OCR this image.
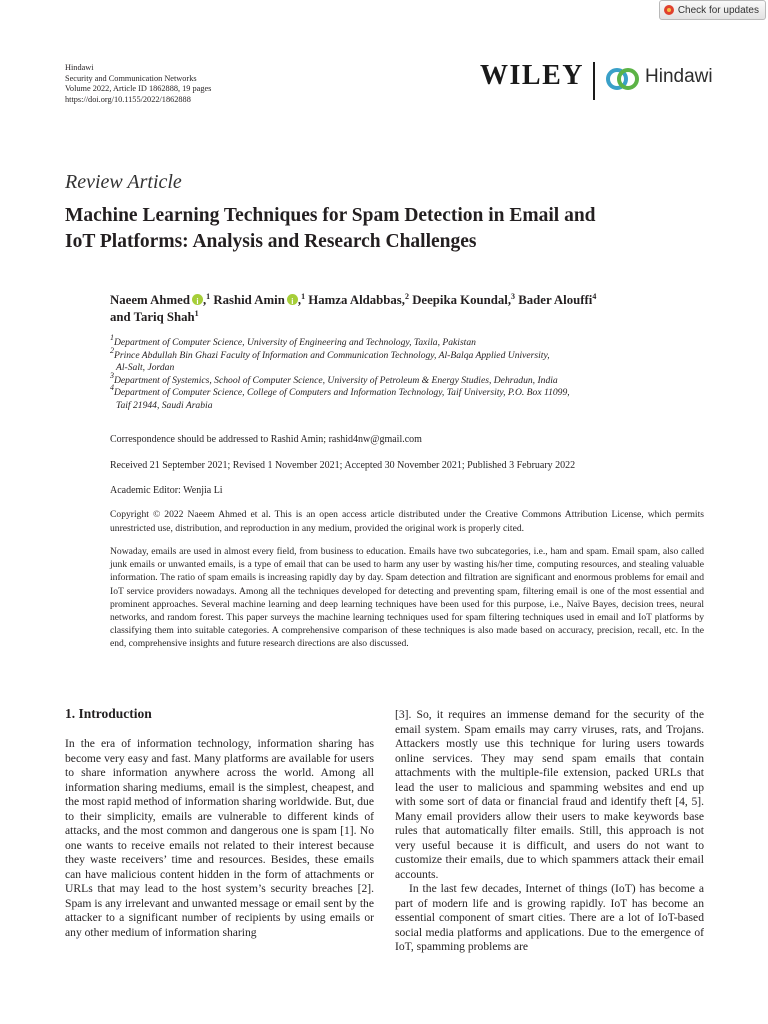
Check for updates
Hindawi
Security and Communication Networks
Volume 2022, Article ID 1862888, 19 pages
https://doi.org/10.1155/2022/1862888
WILEY	Hindawi
Review Article
Machine Learning Techniques for Spam Detection in Email and
IoT Platforms: Analysis and Research Challenges
Naeem Ahmed i ,$^1$ Rashid Amin i ,$^1$ Hamza Aldabbas,$^2$ Deepika Koundal,$^3$ Bader Alouffi$^4$
and Tariq Shah$^1$
$^1$Department of Computer Science, University of Engineering and Technology, Taxila, Pakistan
$^2$Prince Abdullah Bin Ghazi Faculty of Information and Communication Technology, Al-Balqa Applied University,
Al-Salt, Jordan
$^3$Department of Systemics, School of Computer Science, University of Petroleum & Energy Studies, Dehradun, India
$^4$Department of Computer Science, College of Computers and Information Technology, Taif University, P.O. Box 11099,
Taif 21944, Saudi Arabia
Correspondence should be addressed to Rashid Amin; rashid4nw@gmail.com
Received 21 September 2021; Revised 1 November 2021; Accepted 30 November 2021; Published 3 February 2022
Academic Editor: Wenjia Li
Copyright © 2022 Naeem Ahmed et al. This is an open access article distributed under the Creative Commons Attribution License, which permits unrestricted use, distribution, and reproduction in any medium, provided the original work is properly cited.
Nowaday, emails are used in almost every field, from business to education. Emails have two subcategories, i.e., ham and spam. Email spam, also called junk emails or unwanted emails, is a type of email that can be used to harm any user by wasting his/her time, computing resources, and stealing valuable information. The ratio of spam emails is increasing rapidly day by day. Spam detection and filtration are significant and enormous problems for email and IoT service providers nowadays. Among all the techniques developed for detecting and preventing spam, filtering email is one of the most essential and prominent approaches. Several machine learning and deep learning techniques have been used for this purpose, i.e., Naïve Bayes, decision trees, neural networks, and random forest. This paper surveys the machine learning techniques used for spam filtering techniques used in email and IoT platforms by classifying them into suitable categories. A comprehensive comparison of these techniques is also made based on accuracy, precision, recall, etc. In the end, comprehensive insights and future research directions are also discussed.
1. Introduction

In the era of information technology, information sharing has become very easy and fast. Many platforms are available for users to share information anywhere across the world. Among all information sharing mediums, email is the simplest, cheapest, and the most rapid method of information sharing worldwide. But, due to their simplicity, emails are vulnerable to different kinds of attacks, and the most common and dangerous one is spam [1]. No one wants to receive emails not related to their interest because they waste receivers’ time and resources. Besides, these emails can have malicious content hidden in the form of attachments or URLs that may lead to the host system’s security breaches [2]. Spam is any irrelevant and unwanted message or email sent by the attacker to a significant number of recipients by using emails or any other medium of information sharing

[3]. So, it requires an immense demand for the security of the email system. Spam emails may carry viruses, rats, and Trojans. Attackers mostly use this technique for luring users towards online services. They may send spam emails that contain attachments with the multiple-file extension, packed URLs that lead the user to malicious and spamming websites and end up with some sort of data or financial fraud and identify theft [4, 5]. Many email providers allow their users to make keywords base rules that automatically filter emails. Still, this approach is not very useful because it is difficult, and users do not want to customize their emails, due to which spammers attack their email accounts.

In the last few decades, Internet of things (IoT) has become a part of modern life and is growing rapidly. IoT has become an essential component of smart cities. There are a lot of IoT-based social media platforms and applications. Due to the emergence of IoT, spamming problems are
